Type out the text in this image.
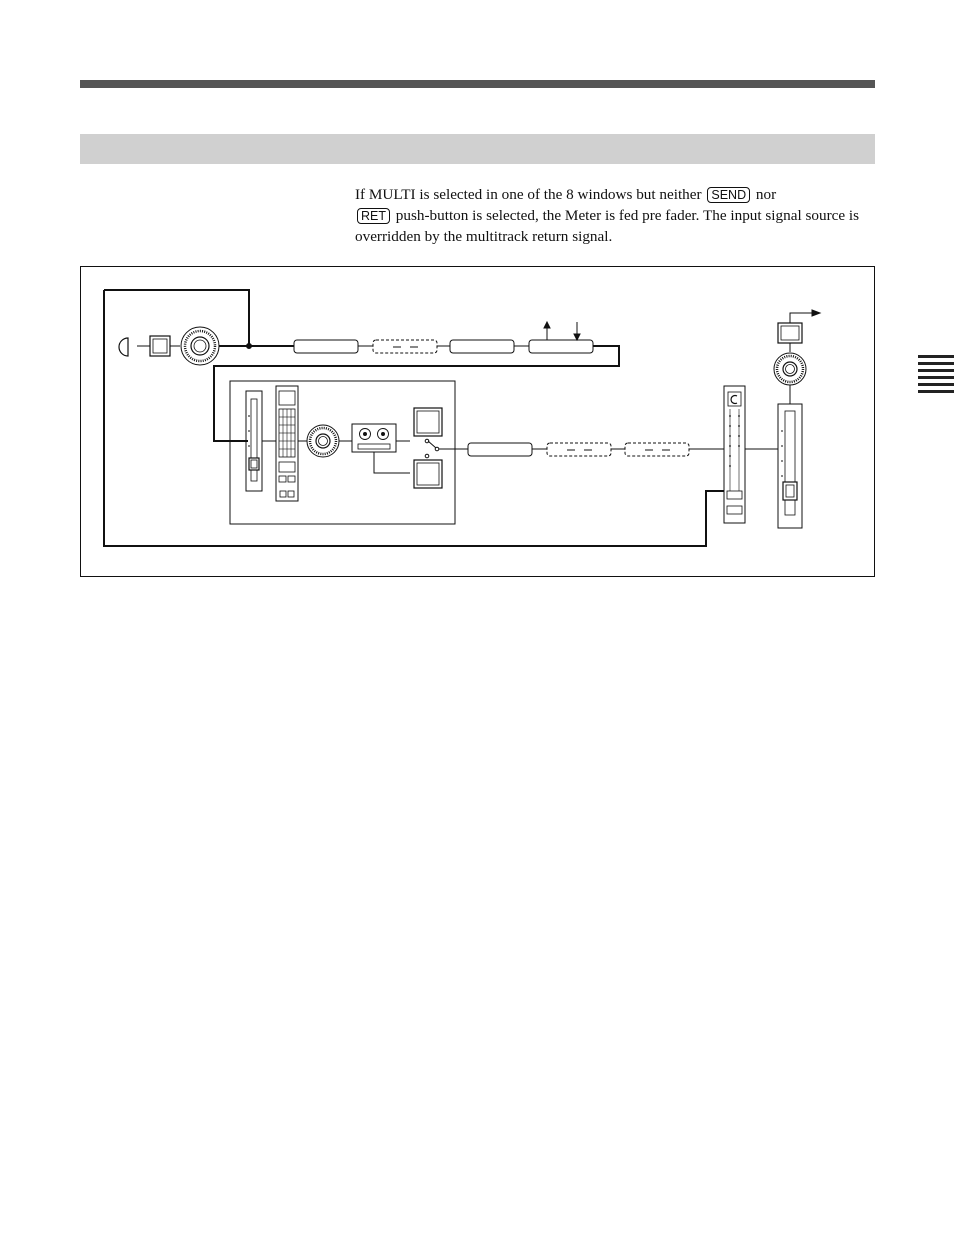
If MULTI is selected in one of the 8 windows but neither SEND nor
RET push-button is selected, the Meter is fed pre fader. The input signal source is overridden by the multitrack return signal.
